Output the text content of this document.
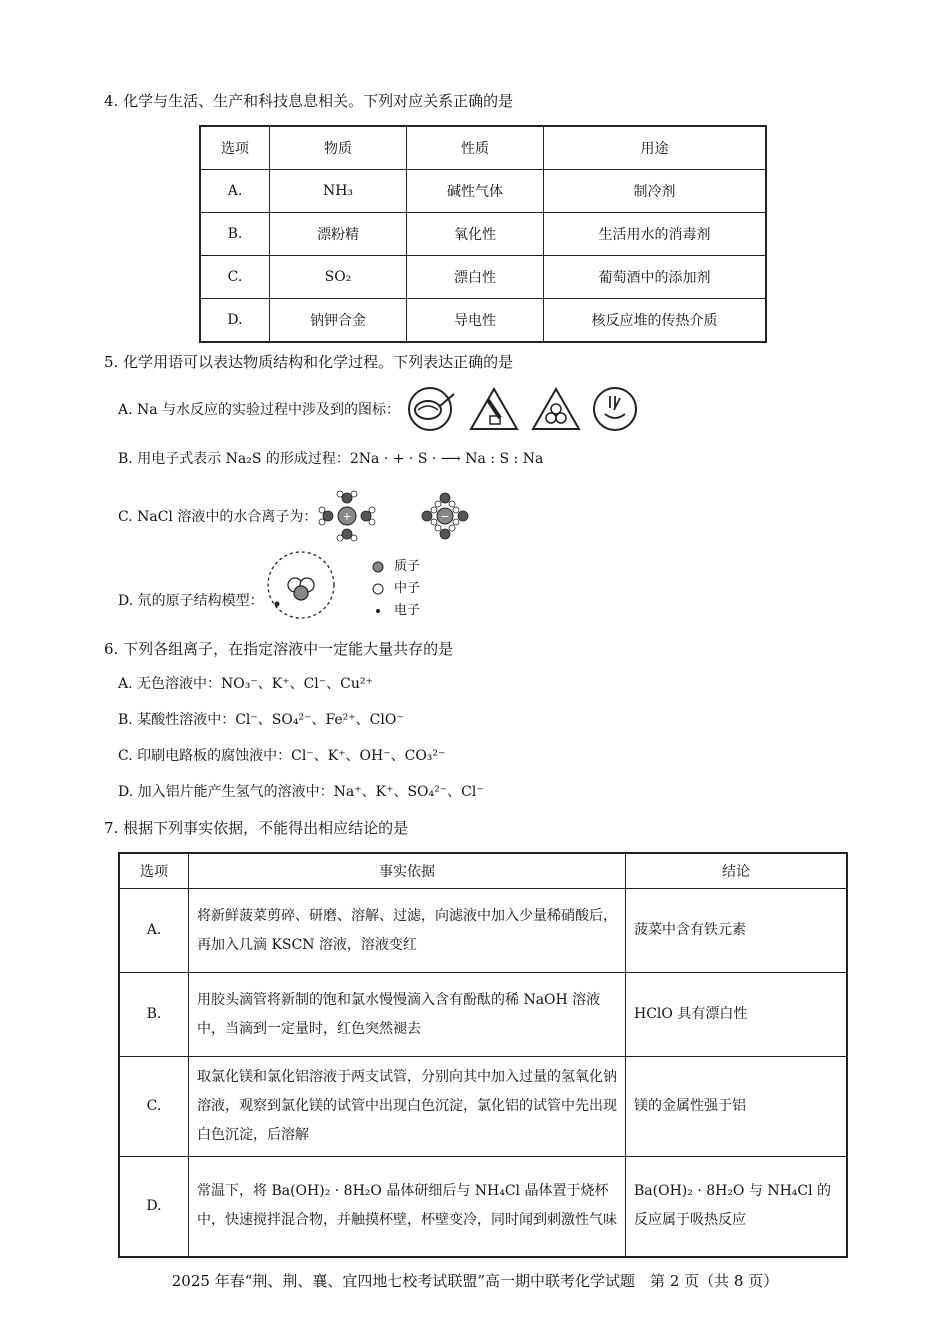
4. 化学与生活、生产和科技息息相关。下列对应关系正确的是
选项	物质	性质	用途
A.	NH₃	碱性气体	制冷剂
B.	漂粉精	氧化性	生活用水的消毒剂
C.	SO₂	漂白性	葡萄酒中的添加剂
D.	钠钾合金	导电性	核反应堆的传热介质
5. 化学用语可以表达物质结构和化学过程。下列表达正确的是
A. Na 与水反应的实验过程中涉及到的图标：
B. 用电子式表示 Na₂S 的形成过程：2Na · + · S · ⟶ Na : S : Na
C. NaCl 溶液中的水合离子为： +	−
D. 氘的原子结构模型：
质子
中子
电子
6. 下列各组离子，在指定溶液中一定能大量共存的是
A. 无色溶液中：NO₃⁻、K⁺、Cl⁻、Cu²⁺
B. 某酸性溶液中：Cl⁻、SO₄²⁻、Fe²⁺、ClO⁻
C. 印刷电路板的腐蚀液中：Cl⁻、K⁺、OH⁻、CO₃²⁻
D. 加入铝片能产生氢气的溶液中：Na⁺、K⁺、SO₄²⁻、Cl⁻
7. 根据下列事实依据，不能得出相应结论的是
选项	事实依据	结论
A.	将新鲜菠菜剪碎、研磨、溶解、过滤，向滤液中加入少量稀硝酸后，再加入几滴 KSCN 溶液，溶液变红	菠菜中含有铁元素
B.	用胶头滴管将新制的饱和氯水慢慢滴入含有酚酞的稀 NaOH 溶液中，当滴到一定量时，红色突然褪去	HClO 具有漂白性
C.	取氯化镁和氯化铝溶液于两支试管，分别向其中加入过量的氢氧化钠溶液，观察到氯化镁的试管中出现白色沉淀，氯化铝的试管中先出现白色沉淀，后溶解	镁的金属性强于铝
D.	常温下，将 Ba(OH)₂ · 8H₂O 晶体研细后与 NH₄Cl 晶体置于烧杯中，快速搅拌混合物，并触摸杯壁，杯壁变冷，同时闻到刺激性气味	Ba(OH)₂ · 8H₂O 与 NH₄Cl 的反应属于吸热反应
2025 年春“荆、荆、襄、宜四地七校考试联盟”高一期中联考化学试题　第 2 页（共 8 页）
